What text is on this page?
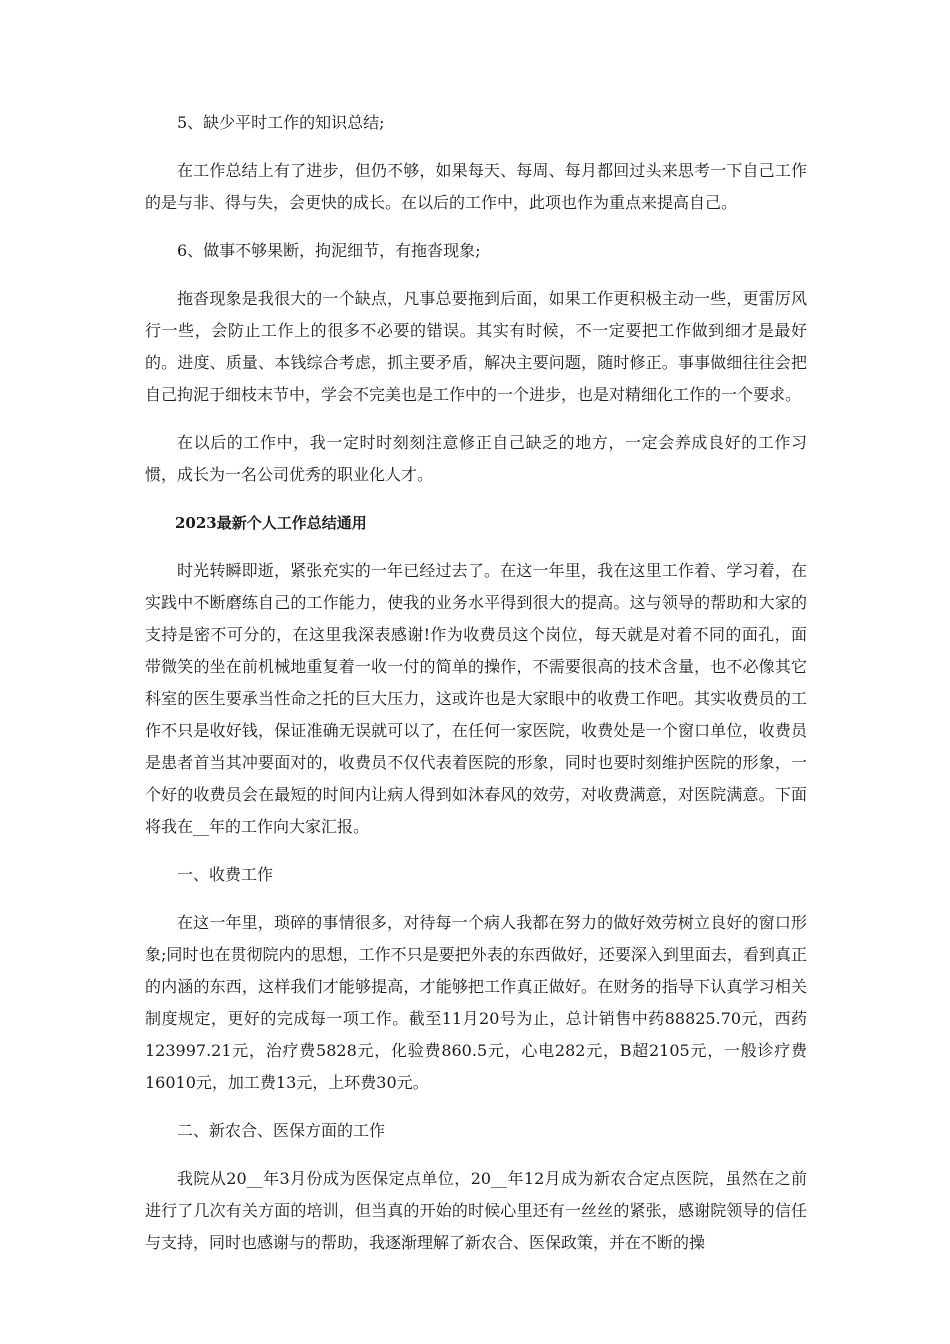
5、缺少平时工作的知识总结;

在工作总结上有了进步，但仍不够，如果每天、每周、每月都回过头来思考一下自己工作的是与非、得与失，会更快的成长。在以后的工作中，此项也作为重点来提高自己。

6、做事不够果断，拘泥细节，有拖沓现象;

拖沓现象是我很大的一个缺点，凡事总要拖到后面，如果工作更积极主动一些，更雷厉风行一些，会防止工作上的很多不必要的错误。其实有时候，不一定要把工作做到细才是最好的。进度、质量、本钱综合考虑，抓主要矛盾，解决主要问题，随时修正。事事做细往往会把自己拘泥于细枝末节中，学会不完美也是工作中的一个进步，也是对精细化工作的一个要求。

在以后的工作中，我一定时时刻刻注意修正自己缺乏的地方，一定会养成良好的工作习惯，成长为一名公司优秀的职业化人才。

2023最新个人工作总结通用

时光转瞬即逝，紧张充实的一年已经过去了。在这一年里，我在这里工作着、学习着，在实践中不断磨练自己的工作能力，使我的业务水平得到很大的提高。这与领导的帮助和大家的支持是密不可分的，在这里我深表感谢!作为收费员这个岗位，每天就是对着不同的面孔，面带微笑的坐在前机械地重复着一收一付的简单的操作，不需要很高的技术含量，也不必像其它科室的医生要承当性命之托的巨大压力，这或许也是大家眼中的收费工作吧。其实收费员的工作不只是收好钱，保证准确无误就可以了，在任何一家医院，收费处是一个窗口单位，收费员是患者首当其冲要面对的，收费员不仅代表着医院的形象，同时也要时刻维护医院的形象，一个好的收费员会在最短的时间内让病人得到如沐春风的效劳，对收费满意，对医院满意。下面将我在__年的工作向大家汇报。

一、收费工作

在这一年里，琐碎的事情很多，对待每一个病人我都在努力的做好效劳树立良好的窗口形象;同时也在贯彻院内的思想，工作不只是要把外表的东西做好，还要深入到里面去，看到真正的内涵的东西，这样我们才能够提高，才能够把工作真正做好。在财务的指导下认真学习相关制度规定，更好的完成每一项工作。截至11月20号为止，总计销售中药88825.70元，西药123997.21元，治疗费5828元，化验费860.5元，心电282元，B超2105元，一般诊疗费16010元，加工费13元，上环费30元。

二、新农合、医保方面的工作

我院从20__年3月份成为医保定点单位，20__年12月成为新农合定点医院，虽然在之前进行了几次有关方面的培训，但当真的开始的时候心里还有一丝丝的紧张，感谢院领导的信任与支持，同时也感谢与的帮助，我逐渐理解了新农合、医保政策，并在不断的操
